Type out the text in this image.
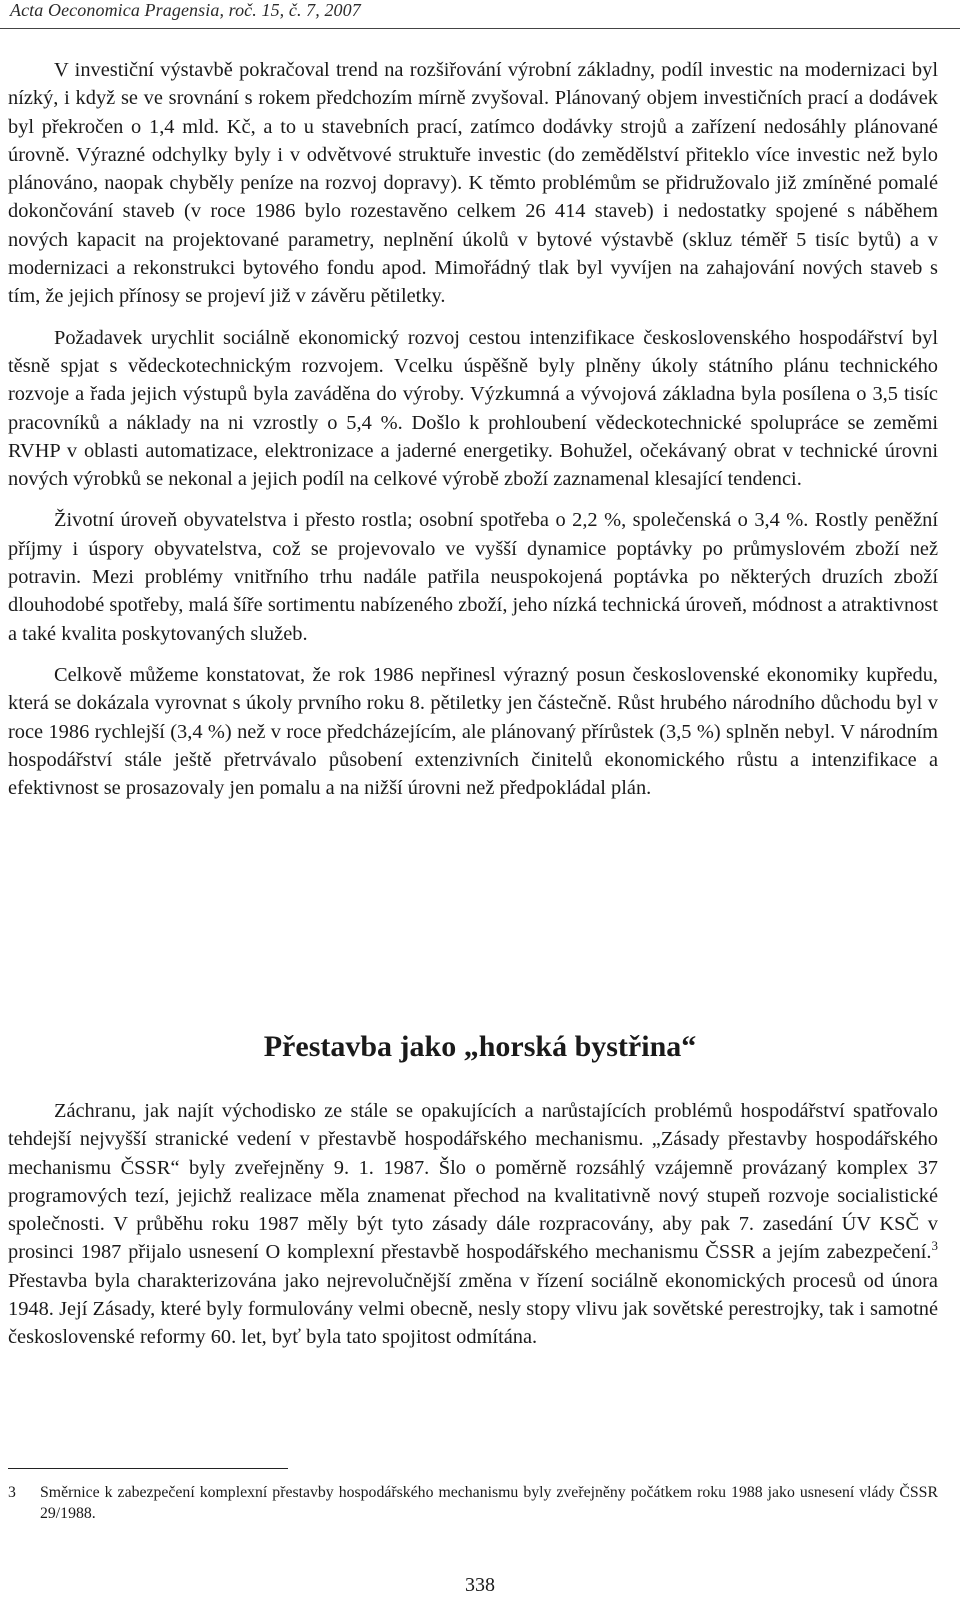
Acta Oeconomica Pragensia, roč. 15, č. 7, 2007

V investiční výstavbě pokračoval trend na rozšiřování výrobní základny, podíl investic na modernizaci byl nízký, i když se ve srovnání s rokem předchozím mírně zvyšoval. Plánovaný objem investičních prací a dodávek byl překročen o 1,4 mld. Kč, a to u stavebních prací, zatímco dodávky strojů a zařízení nedosáhly plánované úrovně. Výrazné odchylky byly i v odvětvové struktuře investic (do zemědělství přiteklo více investic než bylo plánováno, naopak chyběly peníze na rozvoj dopravy). K těmto problémům se přidružovalo již zmíněné pomalé dokončování staveb (v roce 1986 bylo rozestavěno celkem 26 414 staveb) i nedostatky spojené s náběhem nových kapacit na projektované parametry, neplnění úkolů v bytové výstavbě (skluz téměř 5 tisíc bytů) a v modernizaci a rekonstrukci bytového fondu apod. Mimořádný tlak byl vyvíjen na zahajování nových staveb s tím, že jejich přínosy se projeví již v závěru pětiletky.

Požadavek urychlit sociálně ekonomický rozvoj cestou intenzifikace československého hospodářství byl těsně spjat s vědeckotechnickým rozvojem. Vcelku úspěšně byly plněny úkoly státního plánu technického rozvoje a řada jejich výstupů byla zaváděna do výroby. Výzkumná a vývojová základna byla posílena o 3,5 tisíc pracovníků a náklady na ni vzrostly o 5,4 %. Došlo k prohloubení vědeckotechnické spolupráce se zeměmi RVHP v oblasti automatizace, elektronizace a jaderné energetiky. Bohužel, očekávaný obrat v technické úrovni nových výrobků se nekonal a jejich podíl na celkové výrobě zboží zaznamenal klesající tendenci.

Životní úroveň obyvatelstva i přesto rostla; osobní spotřeba o 2,2 %, společenská o 3,4 %. Rostly peněžní příjmy i úspory obyvatelstva, což se projevovalo ve vyšší dynamice poptávky po průmyslovém zboží než potravin. Mezi problémy vnitřního trhu nadále patřila neuspokojená poptávka po některých druzích zboží dlouhodobé spotřeby, malá šíře sortimentu nabízeného zboží, jeho nízká technická úroveň, módnost a atraktivnost a také kvalita poskytovaných služeb.

Celkově můžeme konstatovat, že rok 1986 nepřinesl výrazný posun československé ekonomiky kupředu, která se dokázala vyrovnat s úkoly prvního roku 8. pětiletky jen částečně. Růst hrubého národního důchodu byl v roce 1986 rychlejší (3,4 %) než v roce předcházejícím, ale plánovaný přírůstek (3,5 %) splněn nebyl. V národním hospodářství stále ještě přetrvávalo působení extenzivních činitelů ekonomického růstu a intenzifikace a efektivnost se prosazovaly jen pomalu a na nižší úrovni než předpokládal plán.

Přestavba jako „horská bystřina“

Záchranu, jak najít východisko ze stále se opakujících a narůstajících problémů hospodářství spatřovalo tehdejší nejvyšší stranické vedení v přestavbě hospodářského mechanismu. „Zásady přestavby hospodářského mechanismu ČSSR“ byly zveřejněny 9. 1. 1987. Šlo o poměrně rozsáhlý vzájemně provázaný komplex 37 programových tezí, jejichž realizace měla znamenat přechod na kvalitativně nový stupeň rozvoje socialistické společnosti. V průběhu roku 1987 měly být tyto zásady dále rozpracovány, aby pak 7. zasedání ÚV KSČ v prosinci 1987 přijalo usnesení O komplexní přestavbě hospodářského mechanismu ČSSR a jejím zabezpečení.$^3$ Přestavba byla charakterizována jako nejrevolučnější změna v řízení sociálně ekonomických procesů od února 1948. Její Zásady, které byly formulovány velmi obecně, nesly stopy vlivu jak sovětské perestrojky, tak i samotné československé reformy 60. let, byť byla tato spojitost odmítána.

3	Směrnice k zabezpečení komplexní přestavby hospodářského mechanismu byly zveřejněny počátkem roku 1988 jako usnesení vlády ČSSR 29/1988.
338
